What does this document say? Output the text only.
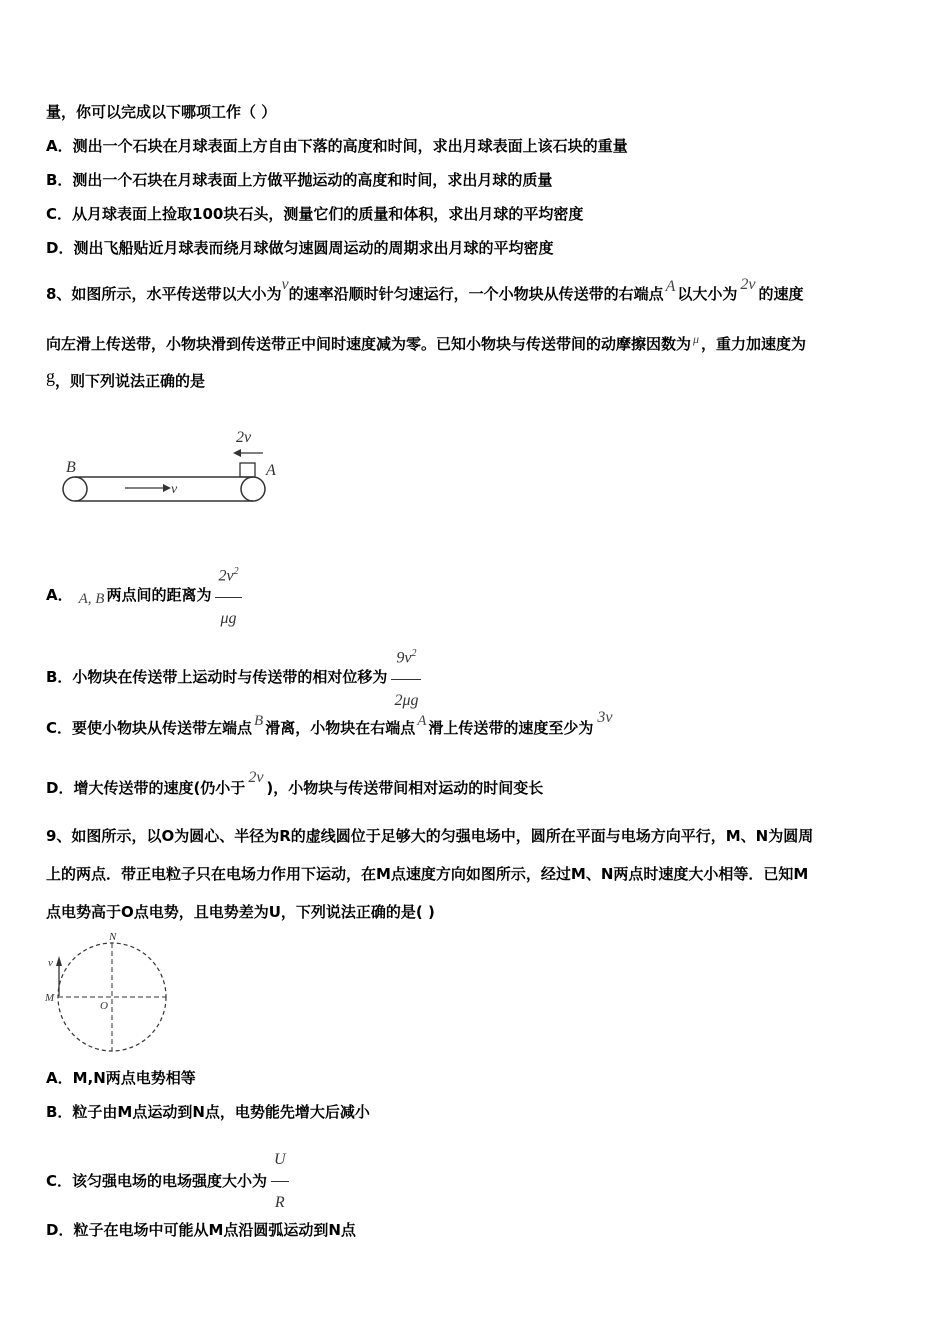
量，你可以完成以下哪项工作（ ）
A．测出一个石块在月球表面上方自由下落的高度和时间，求出月球表面上该石块的重量
B．测出一个石块在月球表面上方做平抛运动的高度和时间，求出月球的质量
C．从月球表面上捡取100块石头，测量它们的质量和体积，求出月球的平均密度
D．测出飞船贴近月球表而绕月球做匀速圆周运动的周期求出月球的平均密度
8、如图所示，水平传送带以大小为v的速率沿顺时针匀速运行，一个小物块从传送带的右端点 A 以大小为2v的速度
向左滑上传送带，小物块滑到传送带正中间时速度减为零。已知小物块与传送带间的动摩擦因数为 $^\mu$ ，重力加速度为
g，则下列说法正确的是
B	A
2v
v
A． A, B 两点间的距离为 $\frac{2v^2}{\mu g}$
B．小物块在传送带上运动时与传送带的相对位移为 $\frac{9v^2}{2\mu g}$
C．要使小物块从传送带左端点 B 滑离，小物块在右端点 A 滑上传送带的速度至少为3v
D．增大传送带的速度(仍小于2v)，小物块与传送带间相对运动的时间变长
9、如图所示，以O为圆心、半径为R的虚线圆位于足够大的匀强电场中，圆所在平面与电场方向平行，M、N为圆周
上的两点．带正电粒子只在电场力作用下运动，在M点速度方向如图所示，经过M、N两点时速度大小相等．已知M
点电势高于O点电势，且电势差为U，下列说法正确的是( )
N
v
M
O
A．M,N两点电势相等
B．粒子由M点运动到N点，电势能先增大后减小
C．该匀强电场的电场强度大小为 $\frac{U}{R}$
D．粒子在电场中可能从M点沿圆弧运动到N点
